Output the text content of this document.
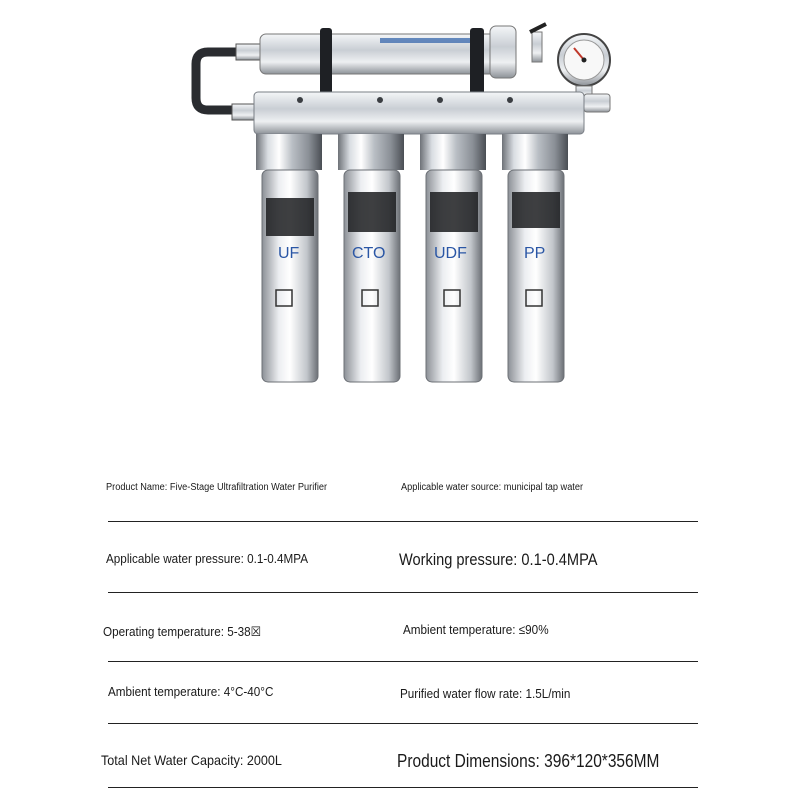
UF	CTO	UDF	PP
Product Name: Five-Stage Ultrafiltration Water Purifier	Applicable water source: municipal tap water
Applicable water pressure: 0.1-0.4MPA	Working pressure: 0.1-0.4MPA
Operating temperature: 5-38☒	Ambient temperature: ≤90%
Ambient temperature: 4°C-40°C	Purified water flow rate: 1.5L/min
Total Net Water Capacity: 2000L	Product Dimensions: 396*120*356MM
